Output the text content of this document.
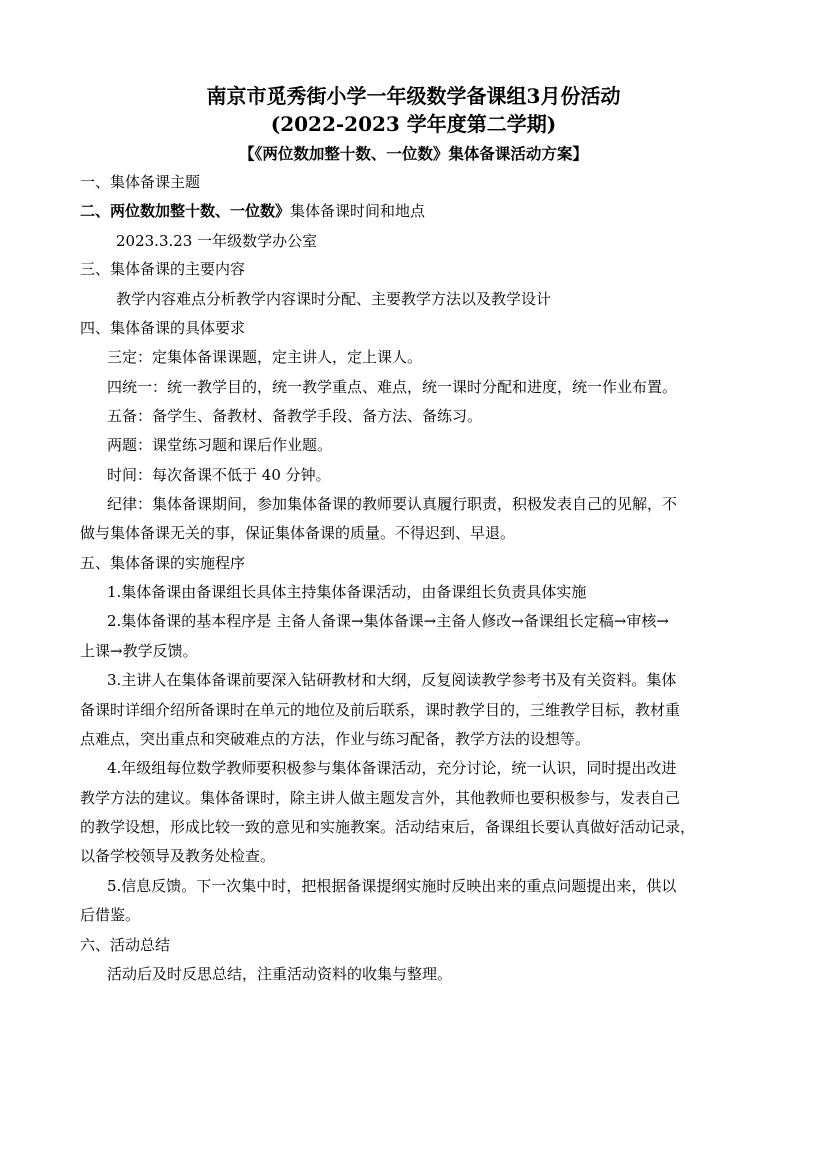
南京市觅秀街小学一年级数学备课组3月份活动
(2022-2023 学年度第二学期)
【《两位数加整十数、一位数》集体备课活动方案】
一、集体备课主题
二、两位数加整十数、一位数》集体备课时间和地点
2023.3.23 一年级数学办公室
三、集体备课的主要内容
教学内容难点分析教学内容课时分配、主要教学方法以及教学设计
四、集体备课的具体要求
三定：定集体备课课题，定主讲人，定上课人。
四统一：统一教学目的，统一教学重点、难点，统一课时分配和进度，统一作业布置。
五备：备学生、备教材、备教学手段、备方法、备练习。
两题：课堂练习题和课后作业题。
时间：每次备课不低于 40 分钟。
纪律：集体备课期间，参加集体备课的教师要认真履行职责，积极发表自己的见解，不
做与集体备课无关的事，保证集体备课的质量。不得迟到、早退。
五、集体备课的实施程序
1.集体备课由备课组长具体主持集体备课活动，由备课组长负责具体实施
2.集体备课的基本程序是 主备人备课→集体备课→主备人修改→备课组长定稿→审核→
上课→教学反馈。
3.主讲人在集体备课前要深入钻研教材和大纲，反复阅读教学参考书及有关资料。集体
备课时详细介绍所备课时在单元的地位及前后联系，课时教学目的，三维教学目标，教材重
点难点，突出重点和突破难点的方法，作业与练习配备，教学方法的设想等。
4.年级组每位数学教师要积极参与集体备课活动，充分讨论，统一认识，同时提出改进
教学方法的建议。集体备课时，除主讲人做主题发言外，其他教师也要积极参与，发表自己
的教学设想，形成比较一致的意见和实施教案。活动结束后，备课组长要认真做好活动记录，
以备学校领导及教务处检查。
5.信息反馈。下一次集中时，把根据备课提纲实施时反映出来的重点问题提出来，供以
后借鉴。
六、活动总结
活动后及时反思总结，注重活动资料的收集与整理。
